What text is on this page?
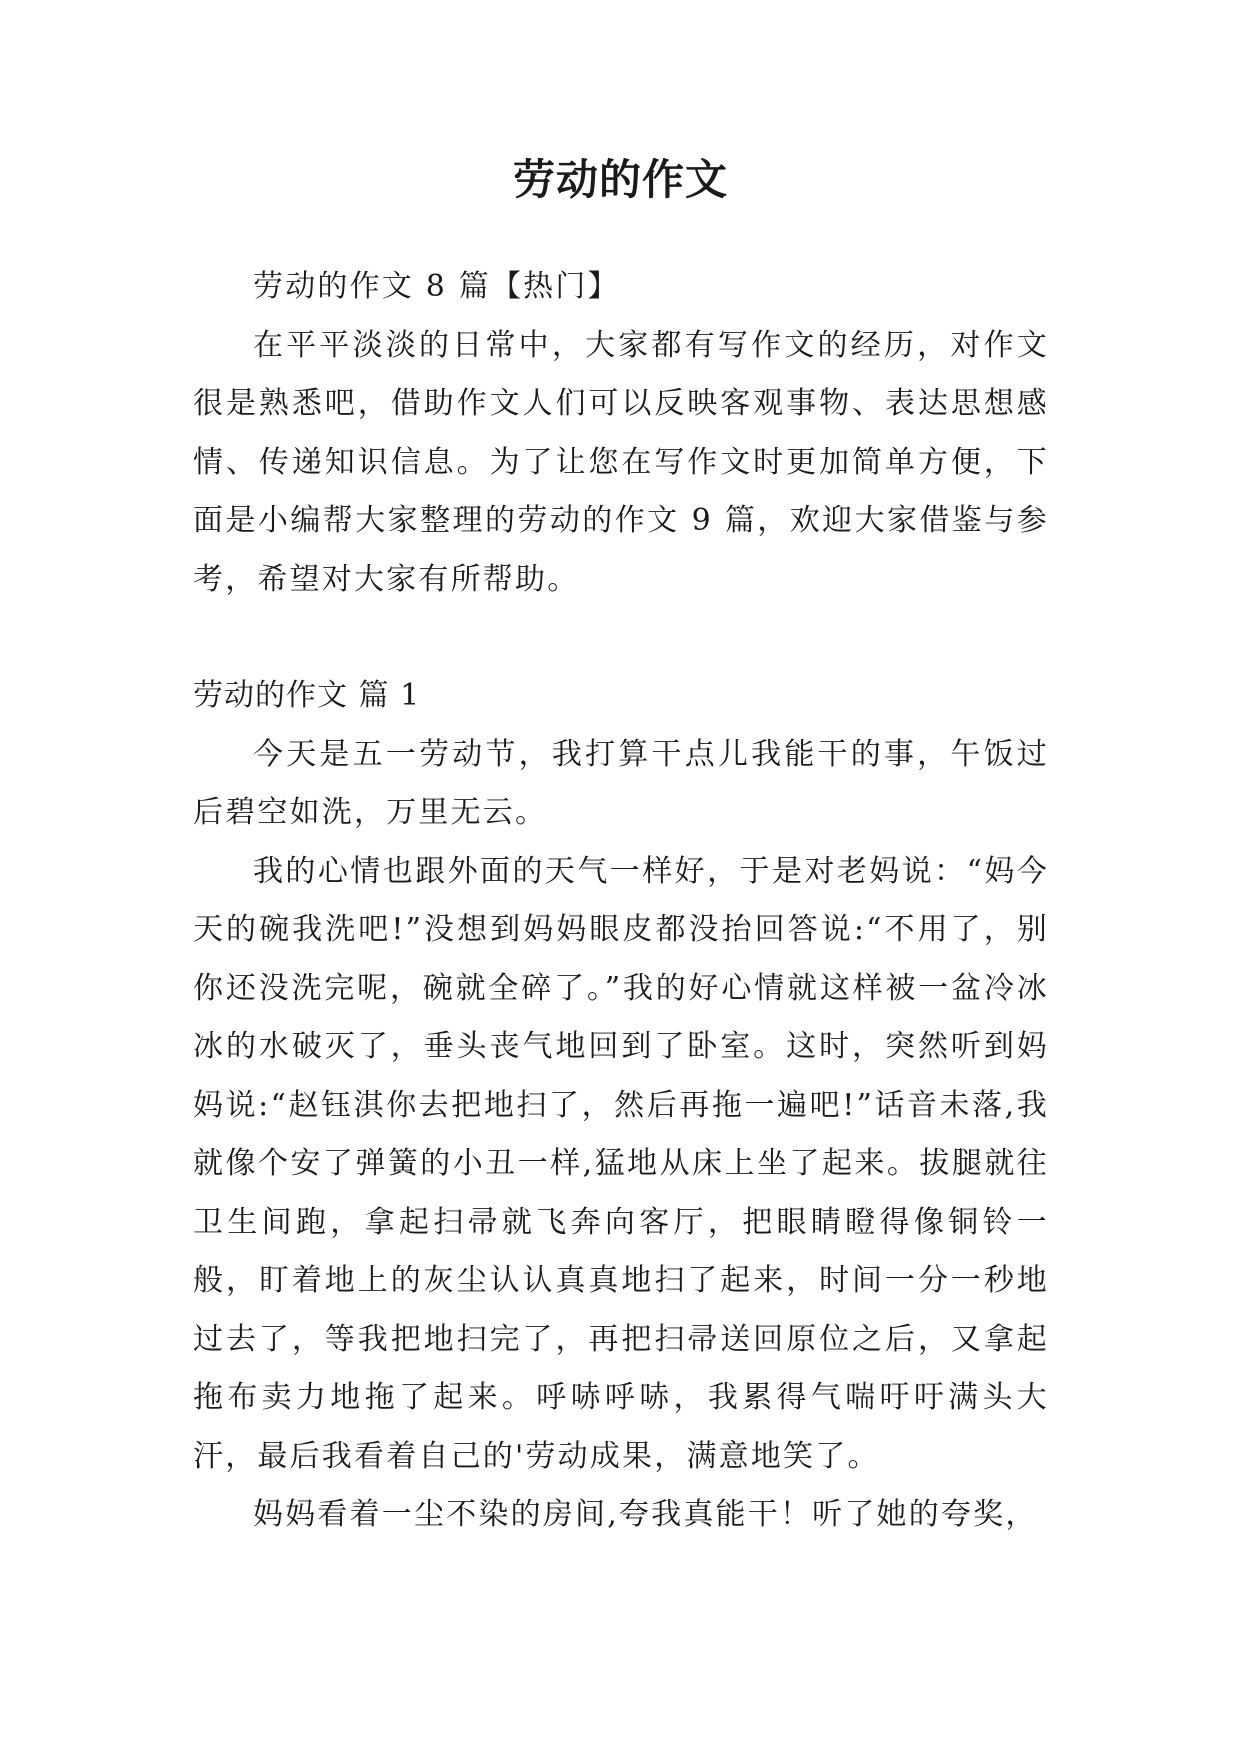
劳动的作文

劳动的作文 8 篇【热门】

在平平淡淡的日常中，大家都有写作文的经历，对作文很是熟悉吧，借助作文人们可以反映客观事物、表达思想感情、传递知识信息。为了让您在写作文时更加简单方便，下面是小编帮大家整理的劳动的作文 9 篇，欢迎大家借鉴与参考，希望对大家有所帮助。

劳动的作文 篇 1

今天是五一劳动节，我打算干点儿我能干的事，午饭过后碧空如洗，万里无云。

我的心情也跟外面的天气一样好，于是对老妈说：“妈今天的碗我洗吧!”没想到妈妈眼皮都没抬回答说:“不用了，别你还没洗完呢，碗就全碎了。”我的好心情就这样被一盆冷冰冰的水破灭了，垂头丧气地回到了卧室。这时，突然听到妈妈说:“赵钰淇你去把地扫了，然后再拖一遍吧!”话音未落,我就像个安了弹簧的小丑一样,猛地从床上坐了起来。拔腿就往卫生间跑，拿起扫帚就飞奔向客厅，把眼睛瞪得像铜铃一般，盯着地上的灰尘认认真真地扫了起来，时间一分一秒地过去了，等我把地扫完了，再把扫帚送回原位之后，又拿起拖布卖力地拖了起来。呼哧呼哧，我累得气喘吁吁满头大汗，最后我看着自己的'劳动成果，满意地笑了。

妈妈看着一尘不染的房间,夸我真能干！听了她的夸奖，
